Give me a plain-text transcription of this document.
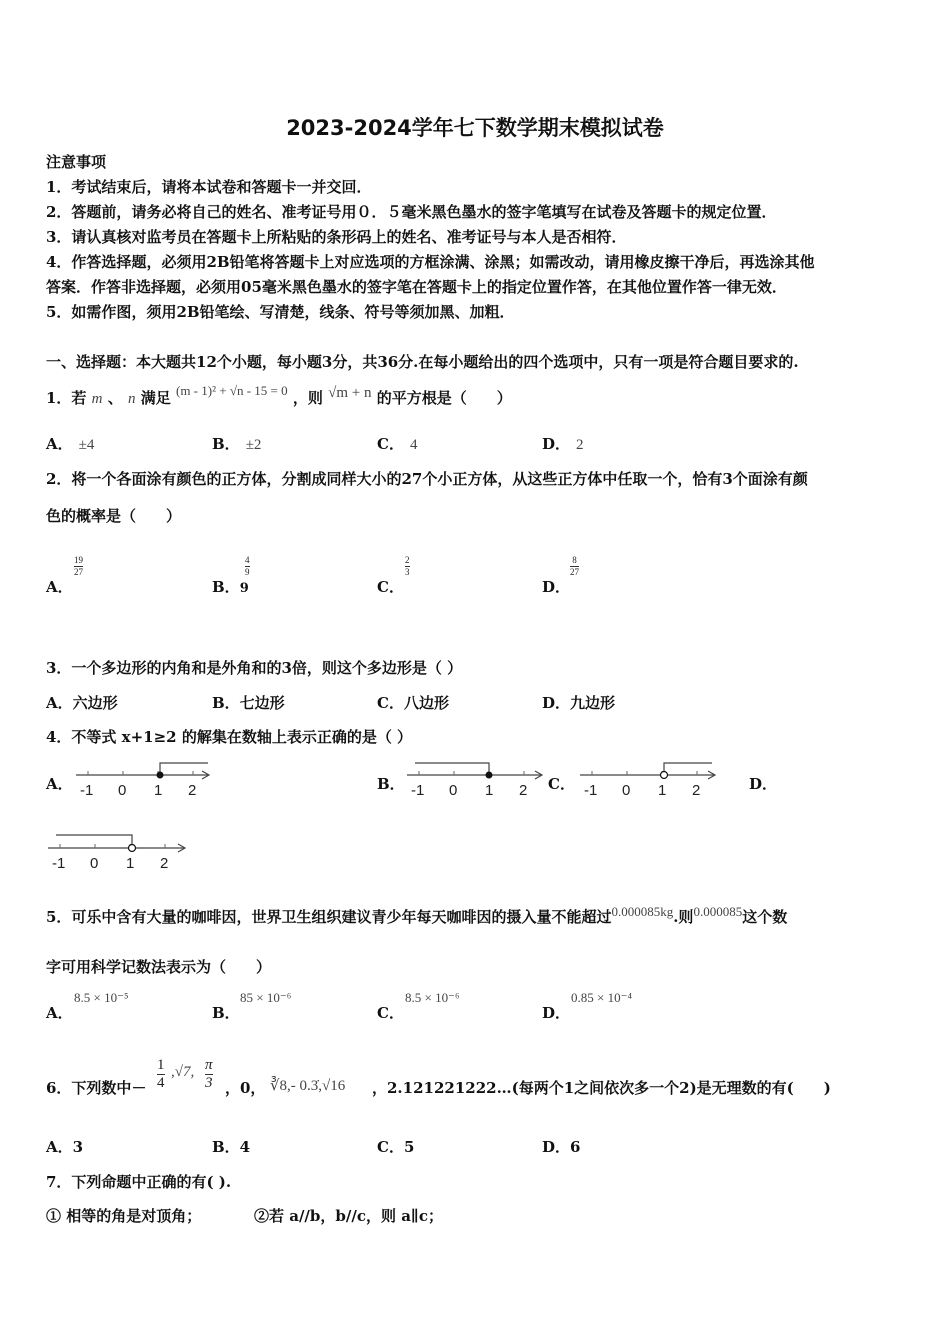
2023-2024学年七下数学期末模拟试卷
注意事项
1．考试结束后，请将本试卷和答题卡一并交回．
2．答题前，请务必将自己的姓名、准考证号用０．５毫米黑色墨水的签字笔填写在试卷及答题卡的规定位置．
3．请认真核对监考员在答题卡上所粘贴的条形码上的姓名、准考证号与本人是否相符．
4．作答选择题，必须用2B铅笔将答题卡上对应选项的方框涂满、涂黑；如需改动，请用橡皮擦干净后，再选涂其他
答案．作答非选择题，必须用05毫米黑色墨水的签字笔在答题卡上的指定位置作答，在其他位置作答一律无效．
5．如需作图，须用2B铅笔绘、写清楚，线条、符号等须加黑、加粗．
一、选择题：本大题共12个小题，每小题3分，共36分.在每小题给出的四个选项中，只有一项是符合题目要求的.
1．若 m 、 n 满足 (m - 1)² + √n - 15 = 0 ，则 √m + n 的平方根是（　　）
A． ±4	B． ±2	C． 4	D． 2
2．将一个各面涂有颜色的正方体，分割成同样大小的27个小正方体，从这些正方体中任取一个，恰有3个面涂有颜
色的概率是（　　）
$\frac{19}{27}$
A．
$\frac{4}{9}$
B．9
$\frac{2}{3}$
C．
$\frac{8}{27}$
D．
3．一个多边形的内角和是外角和的3倍，则这个多边形是（ ）
A．六边形	B．七边形	C．八边形	D．九边形
4．不等式 x+1≥2 的解集在数轴上表示正确的是（ ）
A． -1 0 1 2	B． -1 0 1 2 C． -1 0 1 2	D．
-1 0 1 2
5．可乐中含有大量的咖啡因，世界卫生组织建议青少年每天咖啡因的摄入量不能超过0.000085kg.则0.000085这个数
字可用科学记数法表示为（　　）
8.5 × 10⁻⁵
A．
85 × 10⁻⁶
B．
8.5 × 10⁻⁶
C．
0.85 × 10⁻⁴
D．
6．下列数中－ $\frac{1}{4} ,√7$, $\frac{\pi}{3}$ ，0， ∛8,- 0.3̇,√16 ，2.121221222…(每两个1之间依次多一个2)是无理数的有(　　)
A．3	B．4	C．5	D．6
7．下列命题中正确的有( ).
① 相等的角是对顶角；	②若 a//b，b//c，则 a∥c；
